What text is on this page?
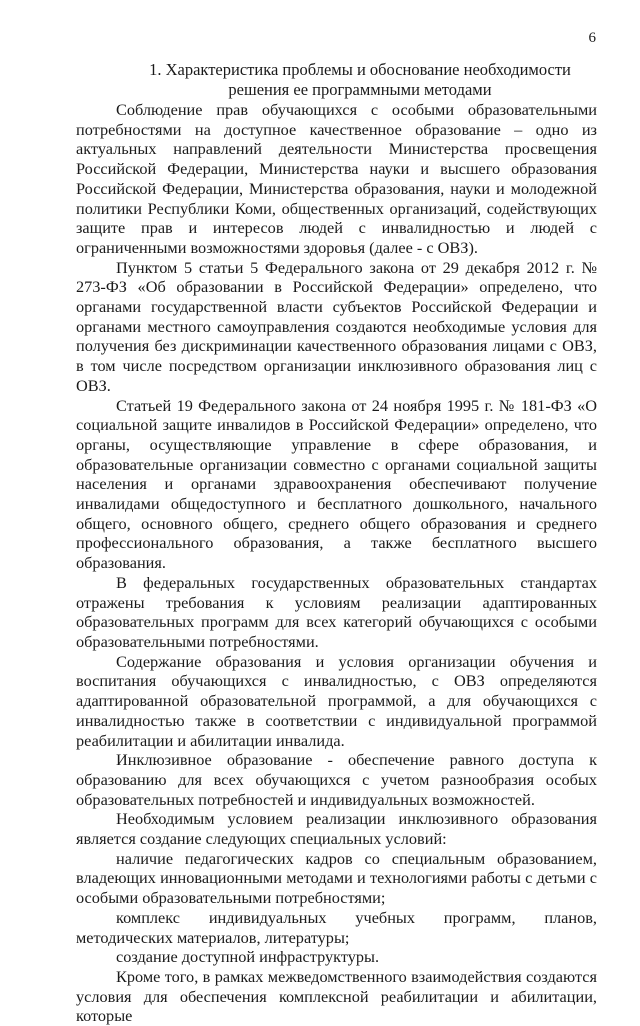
6
1. Характеристика проблемы и обоснование необходимости
решения ее программными методами

Соблюдение прав обучающихся с особыми образовательными потребностями на доступное качественное образование – одно из актуальных направлений деятельности Министерства просвещения Российской Федерации, Министерства науки и высшего образования Российской Федерации, Министерства образования, науки и молодежной политики Республики Коми, общественных организаций, содействующих защите прав и интересов людей с инвалидностью и людей с ограниченными возможностями здоровья (далее - с ОВЗ).

Пунктом 5 статьи 5 Федерального закона от 29 декабря 2012 г. № 273-ФЗ «Об образовании в Российской Федерации» определено, что органами государственной власти субъектов Российской Федерации и органами местного самоуправления создаются необходимые условия для получения без дискриминации качественного образования лицами с ОВЗ, в том числе посредством организации инклюзивного образования лиц с ОВЗ.

Статьей 19 Федерального закона от 24 ноября 1995 г. № 181-ФЗ «О социальной защите инвалидов в Российской Федерации» определено, что органы, осуществляющие управление в сфере образования, и образовательные организации совместно с органами социальной защиты населения и органами здравоохранения обеспечивают получение инвалидами общедоступного и бесплатного дошкольного, начального общего, основного общего, среднего общего образования и среднего профессионального образования, а также бесплатного высшего образования.

В федеральных государственных образовательных стандартах отражены требования к условиям реализации адаптированных образовательных программ для всех категорий обучающихся с особыми образовательными потребностями.

Содержание образования и условия организации обучения и воспитания обучающихся с инвалидностью, с ОВЗ определяются адаптированной образовательной программой, а для обучающихся с инвалидностью также в соответствии с индивидуальной программой реабилитации и абилитации инвалида.

Инклюзивное образование - обеспечение равного доступа к образованию для всех обучающихся с учетом разнообразия особых образовательных потребностей и индивидуальных возможностей.

Необходимым условием реализации инклюзивного образования является создание следующих специальных условий:

наличие педагогических кадров со специальным образованием, владеющих инновационными методами и технологиями работы с детьми с особыми образовательными потребностями;

комплекс индивидуальных учебных программ, планов, методических материалов, литературы;

создание доступной инфраструктуры.

Кроме того, в рамках межведомственного взаимодействия создаются условия для обеспечения комплексной реабилитации и абилитации, которые
